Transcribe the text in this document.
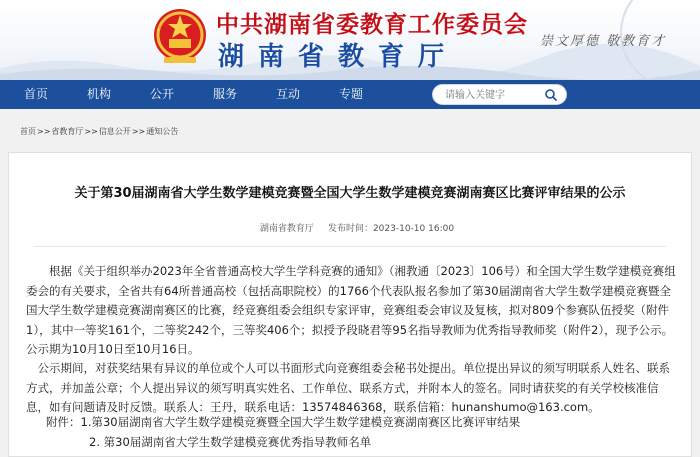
中共湖南省委教育工作委员会
湖南省教育厅
崇文厚德 敬教育才
首页	机构	公开	服务	互动	专题
请输入关键字
首页>>省教育厅>>信息公开>>通知公告
关于第30届湖南省大学生数学建模竞赛暨全国大学生数学建模竞赛湖南赛区比赛评审结果的公示
湖南省教育厅 发布时间：2023-10-10 16:00

根据《关于组织举办2023年全省普通高校大学生学科竞赛的通知》（湘教通〔2023〕106号）和全国大学生数学建模竞赛组委会的有关要求，全省共有64所普通高校（包括高职院校）的1766个代表队报名参加了第30届湖南省大学生数学建模竞赛暨全国大学生数学建模竞赛湖南赛区的比赛，经竞赛组委会组织专家评审，竞赛组委会审议及复核，拟对809个参赛队伍授奖（附件1），其中一等奖161个，二等奖242个，三等奖406个；拟授予段晓君等95名指导教师为优秀指导教师奖（附件2），现予公示。公示期为10月10日至10月16日。

公示期间，对获奖结果有异议的单位或个人可以书面形式向竞赛组委会秘书处提出。单位提出异议的须写明联系人姓名、联系方式，并加盖公章；个人提出异议的须写明真实姓名、工作单位、联系方式，并附本人的签名。同时请获奖的有关学校核准信息，如有问题请及时反馈。联系人：王丹，联系电话：13574846368，联系信箱：hunanshumo@163.com。

附件：1.第30届湖南省大学生数学建模竞赛暨全国大学生数学建模竞赛湖南赛区比赛评审结果
2. 第30届湖南省大学生数学建模竞赛优秀指导教师名单
